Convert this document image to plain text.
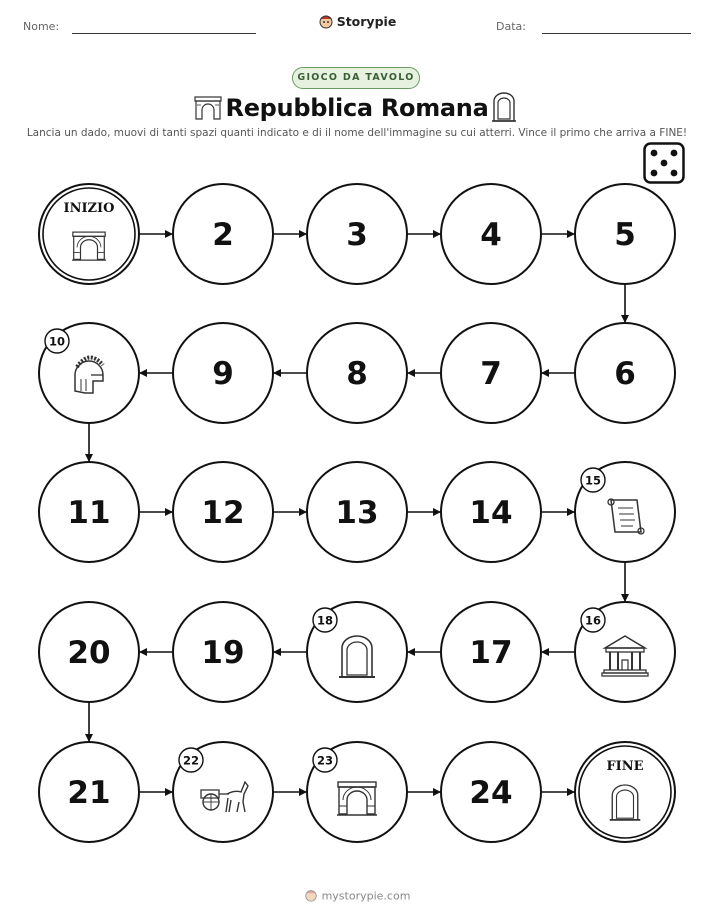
Nome:	Storypie	Data:
GIOCO DA TAVOLO
Repubblica Romana
Lancia un dado, muovi di tanti spazi quanti indicato e di il nome dell'immagine su cui atterri. Vince il primo che arriva a FINE!
INIZIO
2	3	4	5
6
7
8
9
10
11	12	13	14
15
16
17
18
19
20
21
22	23
24
FINE
mystorypie.com
